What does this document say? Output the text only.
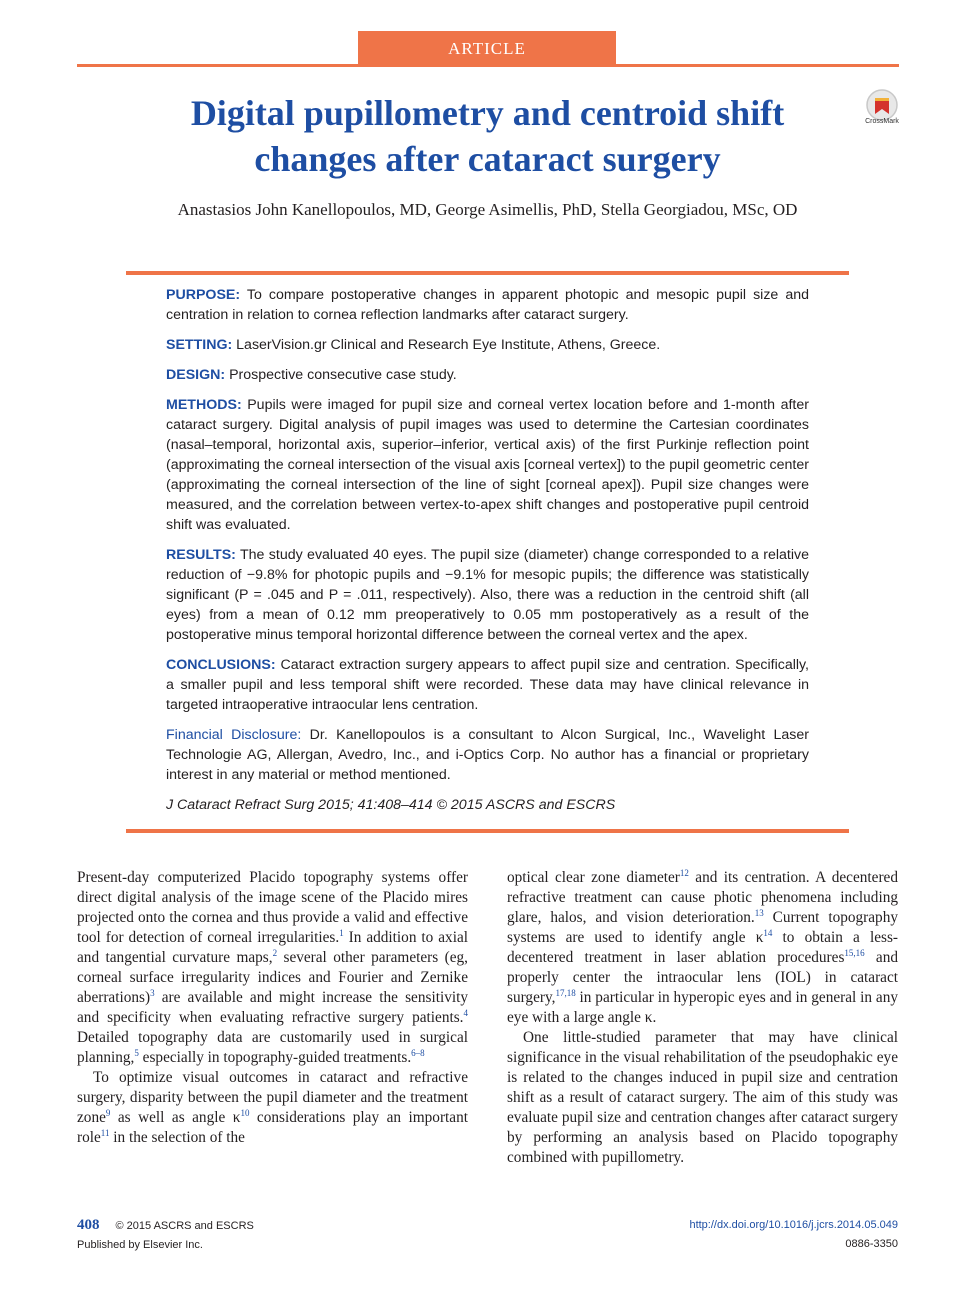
ARTICLE
Digital pupillometry and centroid shift
changes after cataract surgery
CrossMark
Anastasios John Kanellopoulos, MD, George Asimellis, PhD, Stella Georgiadou, MSc, OD

PURPOSE: To compare postoperative changes in apparent photopic and mesopic pupil size and centration in relation to cornea reflection landmarks after cataract surgery.

SETTING: LaserVision.gr Clinical and Research Eye Institute, Athens, Greece.

DESIGN: Prospective consecutive case study.

METHODS: Pupils were imaged for pupil size and corneal vertex location before and 1-month after cataract surgery. Digital analysis of pupil images was used to determine the Cartesian coordinates (nasal–temporal, horizontal axis, superior–inferior, vertical axis) of the first Purkinje reflection point (approximating the corneal intersection of the visual axis [corneal vertex]) to the pupil geometric center (approximating the corneal intersection of the line of sight [corneal apex]). Pupil size changes were measured, and the correlation between vertex-to-apex shift changes and postoperative pupil centroid shift was evaluated.

RESULTS: The study evaluated 40 eyes. The pupil size (diameter) change corresponded to a relative reduction of −9.8% for photopic pupils and −9.1% for mesopic pupils; the difference was statistically significant (P = .045 and P = .011, respectively). Also, there was a reduction in the centroid shift (all eyes) from a mean of 0.12 mm preoperatively to 0.05 mm postoperatively as a result of the postoperative minus temporal horizontal difference between the corneal vertex and the apex.

CONCLUSIONS: Cataract extraction surgery appears to affect pupil size and centration. Specifically, a smaller pupil and less temporal shift were recorded. These data may have clinical relevance in targeted intraoperative intraocular lens centration.

Financial Disclosure: Dr. Kanellopoulos is a consultant to Alcon Surgical, Inc., Wavelight Laser Technologie AG, Allergan, Avedro, Inc., and i-Optics Corp. No author has a financial or proprietary interest in any material or method mentioned.

J Cataract Refract Surg 2015; 41:408–414 © 2015 ASCRS and ESCRS

Present-day computerized Placido topography systems offer direct digital analysis of the image scene of the Placido mires projected onto the cornea and thus provide a valid and effective tool for detection of corneal irregularities.$^1$ In addition to axial and tangential curvature maps,$^2$ several other parameters (eg, corneal surface irregularity indices and Fourier and Zernike aberrations)$^3$ are available and might increase the sensitivity and specificity when evaluating refractive surgery patients.$^4$ Detailed topography data are customarily used in surgical planning,$^5$ especially in topography-guided treatments.$^{6-8}$

To optimize visual outcomes in cataract and refractive surgery, disparity between the pupil diameter and the treatment zone$^9$ as well as angle $\kappa^{10}$ considerations play an important role$^{11}$ in the selection of the

optical clear zone diameter$^{12}$ and its centration. A decentered refractive treatment can cause photic phenomena including glare, halos, and vision deterioration.$^{13}$ Current topography systems are used to identify angle $\kappa^{14}$ to obtain a less-decentered treatment in laser ablation procedures$^{15,16}$ and properly center the intraocular lens (IOL) in cataract surgery,$^{17,18}$ in particular in hyperopic eyes and in general in any eye with a large angle κ.

One little-studied parameter that may have clinical significance in the visual rehabilitation of the pseudophakic eye is related to the changes induced in pupil size and centration shift as a result of cataract surgery. The aim of this study was evaluate pupil size and centration changes after cataract surgery by performing an analysis based on Placido topography combined with pupillometry.

408 © 2015 ASCRS and ESCRS
Published by Elsevier Inc.
http://dx.doi.org/10.1016/j.jcrs.2014.05.049
0886-3350
